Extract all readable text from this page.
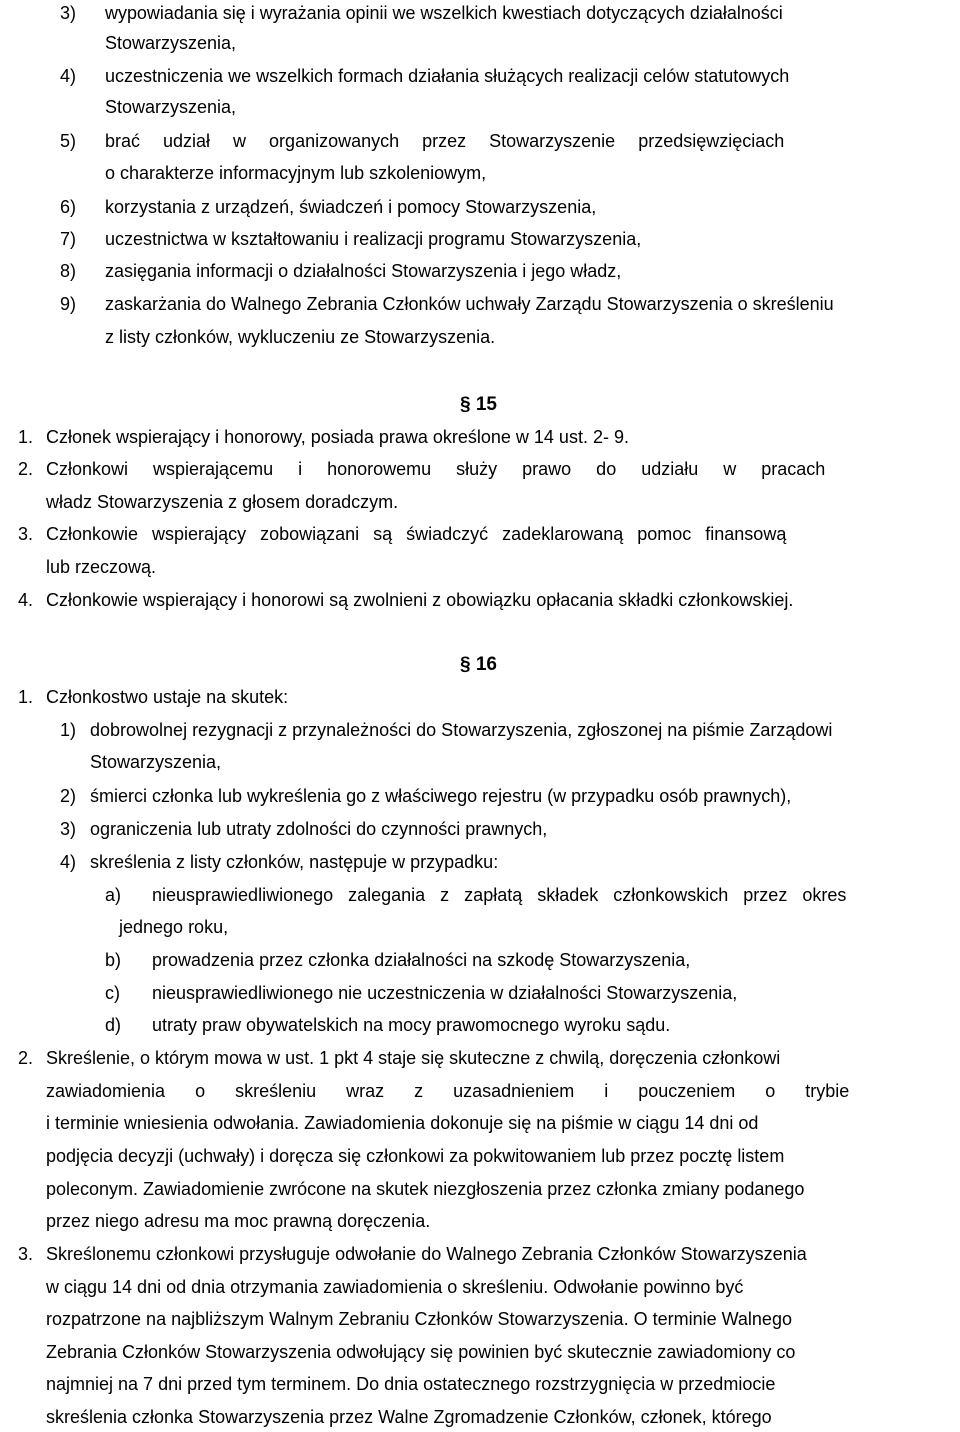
3) wypowiadania się i wyrażania opinii we wszelkich kwestiach dotyczących działalności
Stowarzyszenia,
4) uczestniczenia we wszelkich formach działania służących realizacji celów statutowych
Stowarzyszenia,
5) brać udział w organizowanych przez Stowarzyszenie przedsięwzięciach
o charakterze informacyjnym lub szkoleniowym,
6) korzystania z urządzeń, świadczeń i pomocy Stowarzyszenia,
7) uczestnictwa w kształtowaniu i realizacji programu Stowarzyszenia,
8) zasięgania informacji o działalności Stowarzyszenia i jego władz,
9) zaskarżania do Walnego Zebrania Członków uchwały Zarządu Stowarzyszenia o skreśleniu
z listy członków, wykluczeniu ze Stowarzyszenia.
§ 15
1. Członek wspierający i honorowy, posiada prawa określone w 14 ust. 2- 9.
2. Członkowi wspierającemu i honorowemu służy prawo do udziału w pracach
władz Stowarzyszenia z głosem doradczym.
3. Członkowie wspierający zobowiązani są świadczyć zadeklarowaną pomoc finansową
lub rzeczową.
4. Członkowie wspierający i honorowi są zwolnieni z obowiązku opłacania składki członkowskiej.
§ 16
1. Członkostwo ustaje na skutek:
1) dobrowolnej rezygnacji z przynależności do Stowarzyszenia, zgłoszonej na piśmie Zarządowi
Stowarzyszenia,
2) śmierci członka lub wykreślenia go z właściwego rejestru (w przypadku osób prawnych),
3) ograniczenia lub utraty zdolności do czynności prawnych,
4) skreślenia z listy członków, następuje w przypadku:
a) nieusprawiedliwionego zalegania z zapłatą składek członkowskich przez okres
jednego roku,
b) prowadzenia przez członka działalności na szkodę Stowarzyszenia,
c) nieusprawiedliwionego nie uczestniczenia w działalności Stowarzyszenia,
d) utraty praw obywatelskich na mocy prawomocnego wyroku sądu.
2. Skreślenie, o którym mowa w ust. 1 pkt 4 staje się skuteczne z chwilą, doręczenia członkowi
zawiadomienia o skreśleniu wraz z uzasadnieniem i pouczeniem o trybie
i terminie wniesienia odwołania. Zawiadomienia dokonuje się na piśmie w ciągu 14 dni od
podjęcia decyzji (uchwały) i doręcza się członkowi za pokwitowaniem lub przez pocztę listem
poleconym. Zawiadomienie zwrócone na skutek niezgłoszenia przez członka zmiany podanego
przez niego adresu ma moc prawną doręczenia.
3. Skreślonemu członkowi przysługuje odwołanie do Walnego Zebrania Członków Stowarzyszenia
w ciągu 14 dni od dnia otrzymania zawiadomienia o skreśleniu. Odwołanie powinno być
rozpatrzone na najbliższym Walnym Zebraniu Członków Stowarzyszenia. O terminie Walnego
Zebrania Członków Stowarzyszenia odwołujący się powinien być skutecznie zawiadomiony co
najmniej na 7 dni przed tym terminem. Do dnia ostatecznego rozstrzygnięcia w przedmiocie
skreślenia członka Stowarzyszenia przez Walne Zgromadzenie Członków, członek, którego
